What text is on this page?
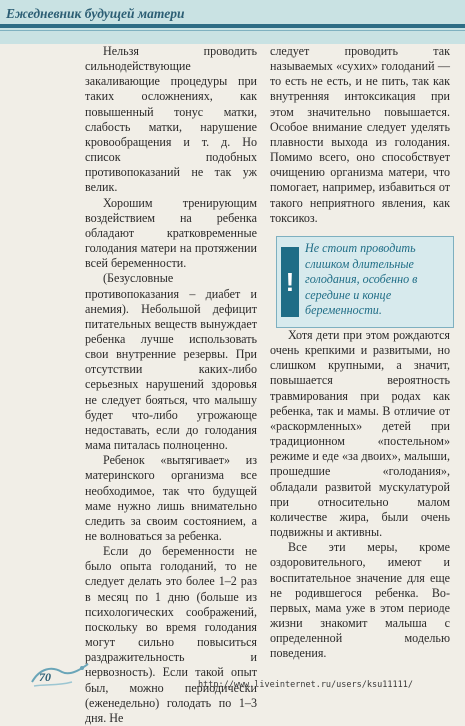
Ежедневник будущей матери

Нельзя проводить сильнодействующие закаливающие процедуры при таких осложнениях, как повышенный тонус матки, слабость матки, нарушение кровообращения и т. д. Но список подобных противопоказаний не так уж велик.

Хорошим тренирующим воздействием на ребенка обладают кратковременные голодания матери на протяжении всей беременности.

(Безусловные противопоказания – диабет и анемия). Небольшой дефицит питательных веществ вынуждает ребенка лучше использовать свои внутренние резервы. При отсутствии каких-либо серьезных нарушений здоровья не следует бояться, что малышу будет что-либо угрожающе недоставать, если до голодания мама питалась полноценно.

Ребенок «вытягивает» из материнского организма все необходимое, так что будущей маме нужно лишь внимательно следить за своим состоянием, а не волноваться за ребенка.

Если до беременности не было опыта голоданий, то не следует делать это более 1–2 раз в месяц по 1 дню (больше из психологических соображений, поскольку во время голодания могут сильно повыситься раздражительность и нервозность). Если такой опыт был, можно периодически (еженедельно) голодать по 1–3 дня. Не

следует проводить так называемых «сухих» голоданий — то есть не есть, и не пить, так как внутренняя интоксикация при этом значительно повышается. Особое внимание следует уделять плавности выхода из голодания. Помимо всего, оно способствует очищению организма матери, что помогает, например, избавиться от такого неприятного явления, как токсикоз.

!
Не стоит проводить слишком длительные голодания, особенно в середине и конце беременности.

Хотя дети при этом рождаются очень крепкими и развитыми, но слишком крупными, а значит, повышается вероятность травмирования при родах как ребенка, так и мамы. В отличие от «раскормленных» детей при традиционном «постельном» режиме и еде «за двоих», малыши, прошедшие «голодания», обладали развитой мускулатурой при относительно малом количестве жира, были очень подвижны и активны.

Все эти меры, кроме оздоровительного, имеют и воспитательное значение для еще не родившегося ребенка. Во-первых, мама уже в этом периоде жизни знакомит малыша с определенной моделью поведения.

70
http://www.liveinternet.ru/users/ksu11111/
